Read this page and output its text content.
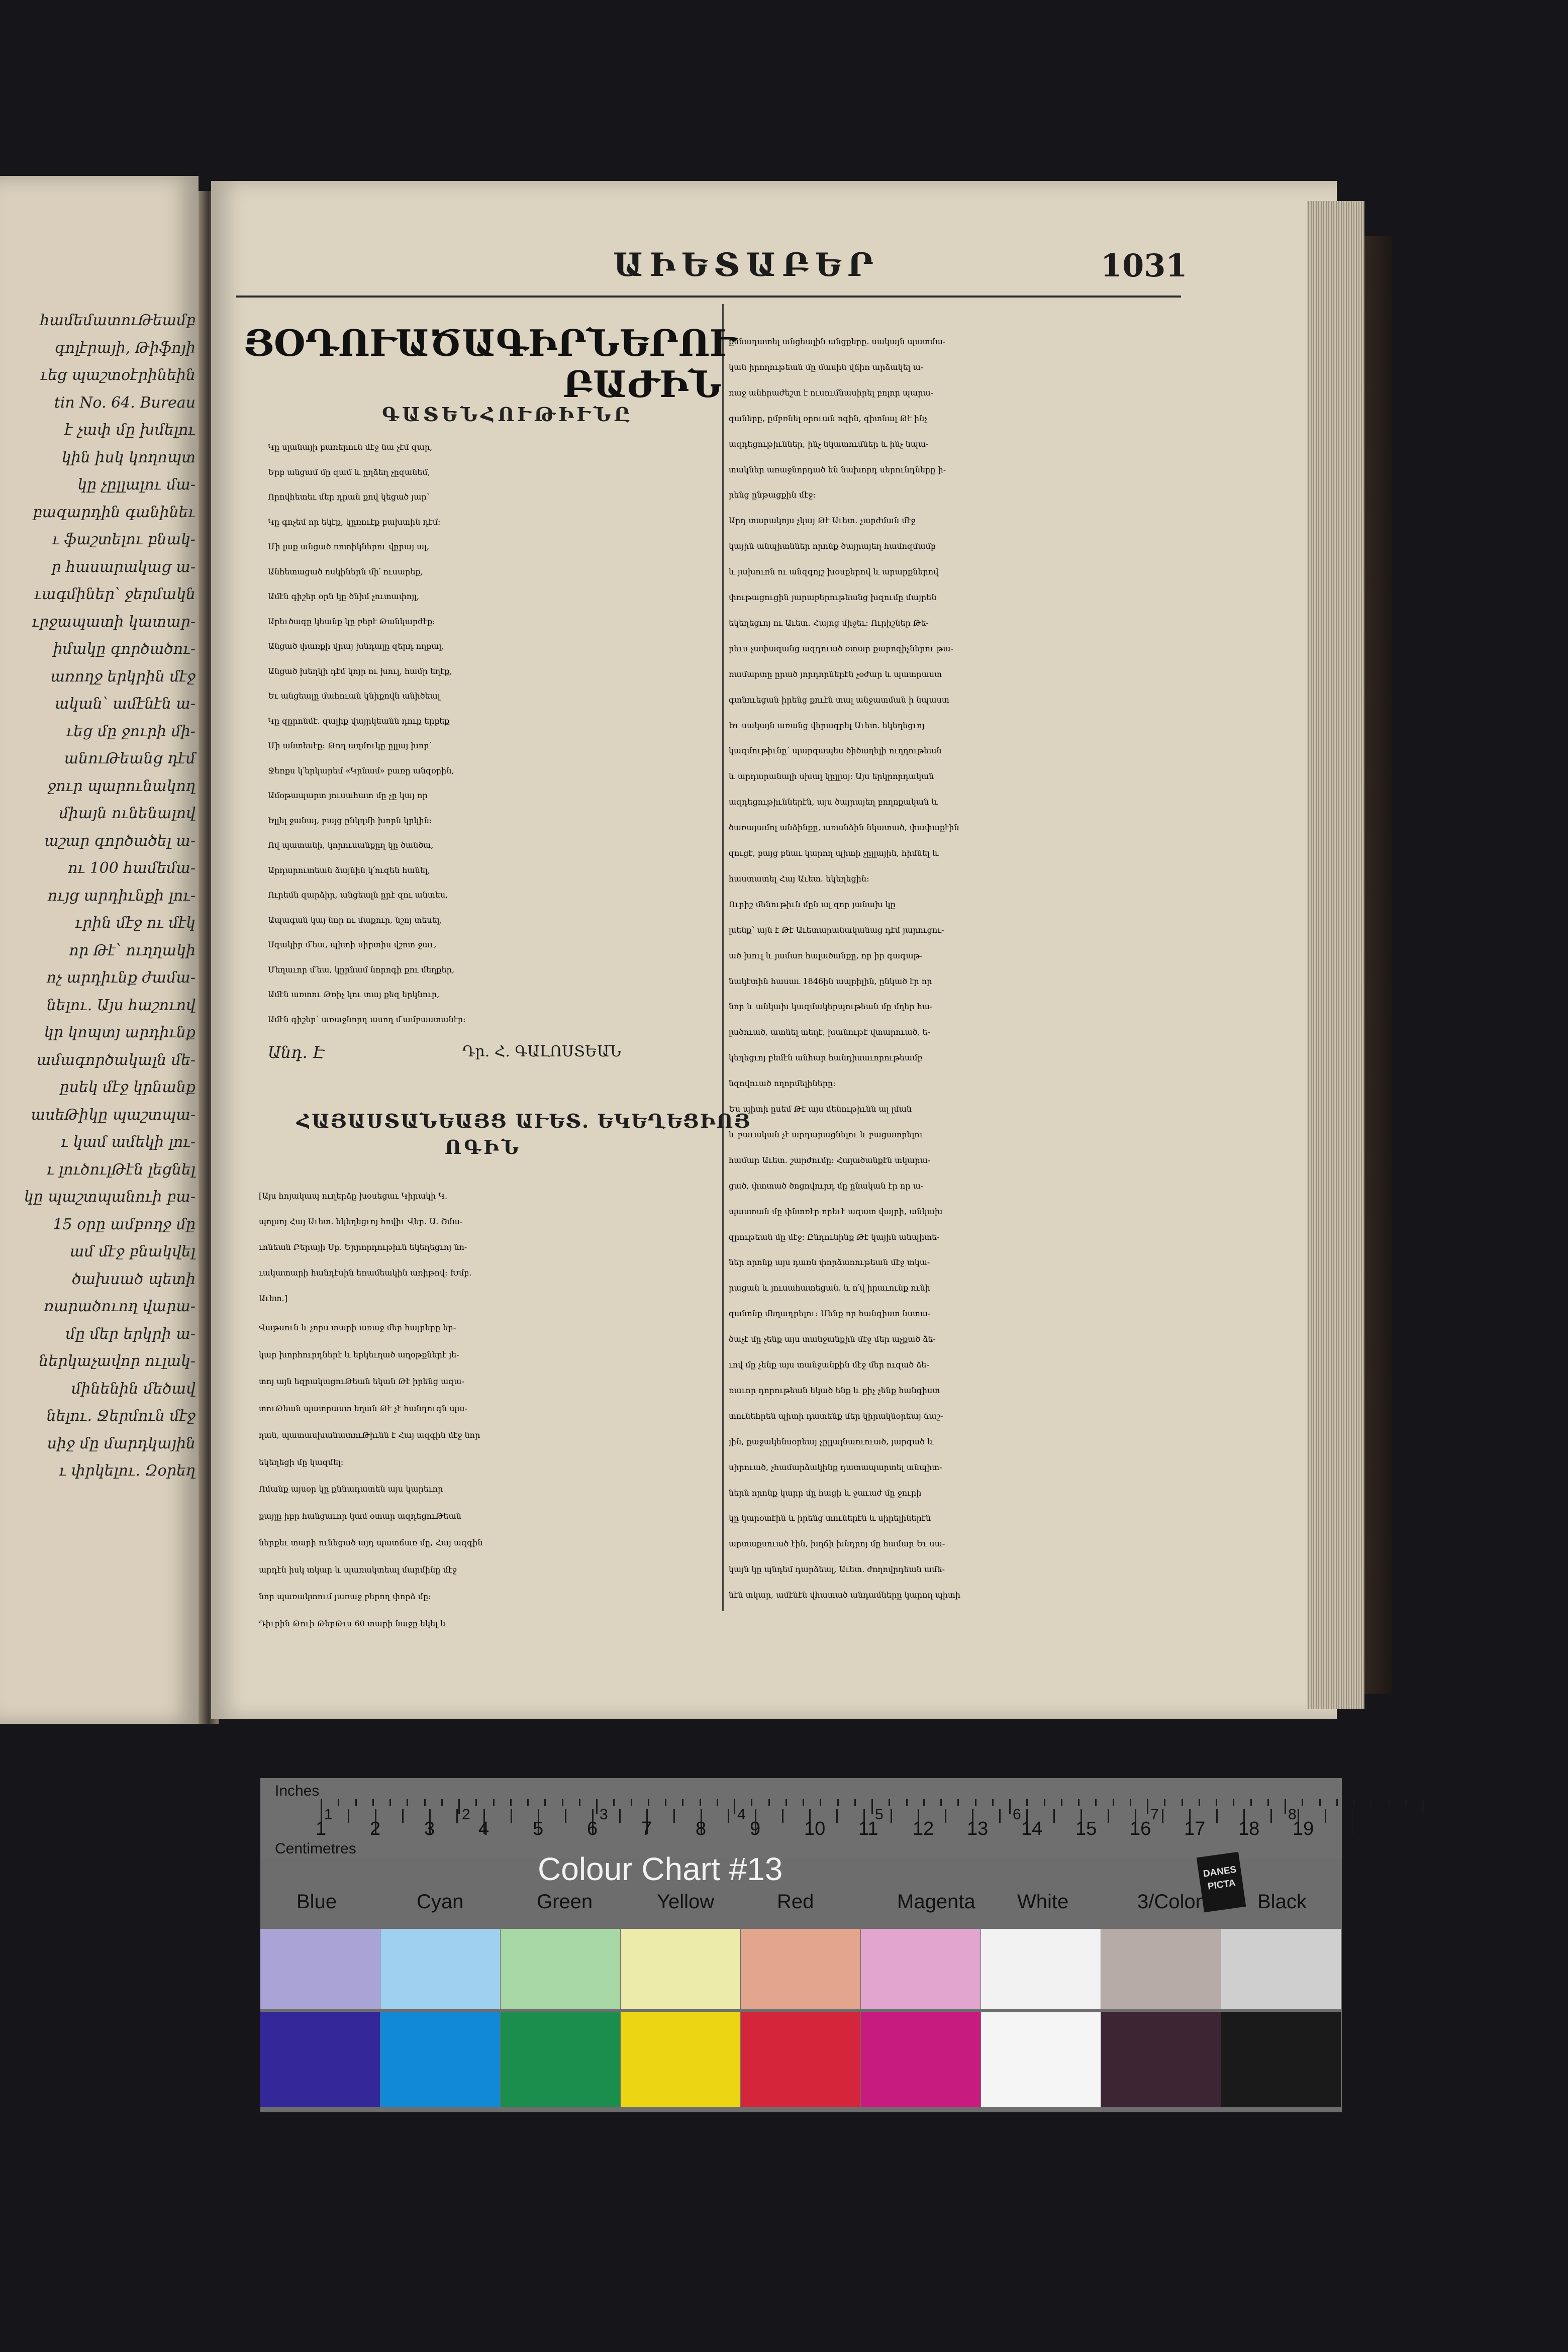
համեմատուԹեամբ
գոլէրայի, Թիֆոյի
ւեց պաշտօէրինեին
tin No. 64. Bureau
է չափ մը խմելու
կին իսկ կողոպտ
կը չըլլալու մա-
բազարդին գանինեւ
ւ ֆաշտելու բնակ-
ր հասարակաց ա-
ւագմիներ՝ ջերմակն
ւրջապատի կատար-
իմակը գործածու-
առողջ երկրին մէջ
ական՝ ամէնէն ա-
ւեց մը ջուրի մի-
անուԹեանց դէմ
ջուր պարունակող
միայն ունենալով
աշար գործածել ա-
ու 100 համեմա-
ույց արդիւնքի լու-
ւրին մէջ ու մէկ
որ Թէ՝ ուղղակի
ոչ արդիւնք ժամա-
նելու. Այս հաշուով
կր կոպտյ արդիւնք
ամագործակալն մե-
ըսեկ մէջ կրնանք
ասեԹիկը պաշտպա-
ւ կամ ամեկի լու-
ւ լուծուլԹէն լեցնել
կը պաշտպանուի բա-
15 օրը ամբողջ մը
ամ մէջ բնակվել
ծախսած պետի
ռարածուող վարա-
մը մեր երկրի ա-
ներկաչավոր ուլակ-
մինենին մեծավ
նելու. Ջերմուն մէջ
սիջ մը մարդկային
ւ փրկելու. Զօրեղ
ԱԻԵՏԱԲԵՐ	1031
ՅՕԴՈՒԱԾԱԳԻՐՆԵՐՈՒ
ԲԱԺԻՆ
ԳԱՏԵՆՀՈՒԹԻՒՆԸ
Անդ. Է	Դր. Հ. ԳԱԼՈՍՏԵԱՆ
ՀԱՅԱՍՏԱՆԵԱՅՑ ԱՒԵՏ. ԵԿԵՂԵՑԻՈՅ
ՈԳԻՆ
1 2 3 4 5 6 7 8 9 10 11 12 13 14 15 16 17 18 19
1	2	3	4	5	6	7	8
Inches
Centimetres
Colour Chart #13	DANES PICTA
Blue	Cyan	Green	Yellow	Red	Magenta White	3/Color	Black
Կը սլանայի բառերուն մէջ նա չէմ զար,
Երբ անցամ մը զամ և ըղձեղ չըզանեմ,
Որովհետեւ մեր դրան քով կեցած յար՝
Կը գոչեմ որ եկէք, կըռուէք բախտին դէմ։
Մի լաք անցած ռոտիկներու վըրայ ալ,
Անհետացած ոսկիներն մի՛ ուսարեք,
Ամէն գիշեր օրն կը ծնիմ չուտափոյլ,
Արեւծագը կեանք կը բերէ Թանկարժէք։
Անցած փառքի վրայ խնդալը զերդ ողբալ,
Անցած խեղկի դէմ կոյր ու խուլ, համր եղէք,
Եւ անցեալը մահուան կնիքովն անիծեալ
Կը զըրոնմէ. զալիք վայրկեանն դուք երբեք
Մի անտեսէք։ Թող աղմուկը ըլլայ խոր՝
Ջեռքս կ՛երկարեմ «Կրնամ» բառը անզօրին,
Ամօթապարտ յուսահատ մը չը կայ որ
Ելլել ջանայ, բայց ընկղմի խորն կրկին։
Ով պատանի, կորուսանքըղ կը ծանծա,
Արդարուտեան ձայնին կ՛ուզեն հանել,
Ուրեմն զարձիր, անցեալն ըրէ զու անտես,
Ապագան կայ նոր ու մաքուր, նշոյ տեսել,
Սգակիր մ՛եա, պիտի սիրտիս վշոտ ջաւ,
Մեղաւոր մ՛եա, կըրնամ նորոգի քու մեղքեր,
Ամէն առտու Թռիչ կու տայ քեզ երկնուր,
Ամէն գիշեր՝ առաջնորդ ասող մ՛ամբաստանէր։
[Այս հոյակապ ուղերձը խօսեցաւ Կիրակի Կ.
պոլսոյ Հայ Աւետ. եկեղեցւոյ հովիւ Վեր. Ա. Շմա-
ւոնեան Բերայի Սբ. Երրորդութիւն եկեղեցւոյ նո-
ւակատարի հանդէսին եռամեակին առիթով։ Խմբ.
Աւետ.]
Վաթսուն և չորս տարի առաջ մեր հայրերը եր-
կար խորհուրդներէ և երկեւղած աղօթքներէ յե-
տոյ այն եզրակացուԹեան եկան Թէ իրենց ազա-
տուԹեան պատրաստ եղան Թէ չէ հանդուգն պա-
ղան, պատասխանատուԹիւնն է Հայ ազգին մէջ նոր
եկեղեցի մը կազմել։
Ոմանք այսօր կը քննադատեն այս կարեւոր
քայլը իբր հանցաւոր կամ օտար ազդեցուԹեան
ներքեւ տարի ունեցած այդ պատճառ մը, Հայ ազգին
արդէն իսկ տկար և պառակտեալ մարմինը մէջ
նոր պառակտում յառաջ բերող փորձ մը։
Դիւրին Թուի ԹերԹւս 60 տարի նաջը եկել և
քննադատել անցեալին անցքերը. սակայն պատմա-
կան իրողութեան մը մասին վճիռ արձակել ա-
ռաջ անհրաժեշտ է ուսումնասիրել բոլոր պարա-
գաները, ըմբռնել օրուան ոգին, գիտնալ Թէ ինչ
ազդեցութիւններ, ինչ նկատումներ և ինչ նպա-
տակներ առաջնորդած են նախորդ սերունդները ի-
րենց ընթացքին մէջ։
Արդ տարակոյս չկայ Թէ Աւետ. չարժման մէջ
կային անպիտններ որոնք ծայրայեղ համոզմամբ
և յախուռն ու անզգոյշ խօսքերով և արարքներով
փութացուցին յարաբերութեանց խզումը մայրեն
եկեղեցւոյ ու Աւետ. Հայոց միջեւ։ Ուրիշներ Թե-
րեւս չափազանց ազդուած օտար քարոզիչներու թա-
ռամարտը ըրած յորդորներէն չօժար և պատրաստ
գտնուեցան իրենց քուէն տալ անջատման ի նպաստ
Եւ սակայն առանց վերագրել Աւետ. եկեղեցւոյ
կազմութիւնը՝ պարզապես ծիծաղելի ուղղութեան
և արդարանալի սխալ կըլլայ։ Այս երկրորդական
ազդեցութիւններէն, այս ծայրայեղ բողոքական և
ծառայամոլ անձինքը, առանձին նկատած, փափաքէին
զուցէ, բայց բնաւ կարող պիտի չըլլային, հիմնել և
հաստատել Հայ Աւետ. եկեղեցին։
Ուրիշ մենութիւն մըն ալ զոր յանախ կը
լսենք՝ այն է Թէ Աւետարանականաց դէմ յարուցու-
ած խուլ և յամառ հալածանքը, որ իր գագաթ-
նակէտին հասաւ 1846ին ապրիլին, ընկած էր որ
նոր և անկախ կազմակերպութեան մը մղեր հա-
լածուած, ատնել տեղէ, խանութէ վտարուած, ե-
կեղեցւոյ բեմէն անհար հանդիսաւորութեամբ
նզովուած ողորմելիները։
Ես պիտի ըսեմ Թէ այս մենութիւնն ալ լման
և բաւական չէ արդարացնելու և բացատրելու
համար Աւետ. շարժումը։ Հալածանքէն տկարա-
ցած, փտտած ծոցովուրդ մը ընական էր որ ա-
պաստան մը փնտռէր որեւէ ազատ վայրի, անկախ
զրութեան մը մէջ։ Ընդունինք Թէ կային անպիտե-
ներ որոնք այս դառն փորձառութեան մէջ տկա-
րացան և յուսահատեցան. և ո՛վ իրաւունք ունի
զանոնք մեղադրելու։ Մենք որ հանգիստ նստա-
ծաչէ մը չենք այս տանջանքին մէջ մեր աչքած ձե-
ւով մը չենք այս տանջանքին մէջ մեր ուզած ձե-
ռաւոր դորութեան եկած ենք և քիչ չենք հանգիստ
տունեհրեն պիտի դատենք մեր կիրակնօրեայ ճաշ-
յին, քաջակենսօրեայ չըլլալնաուուած, յարգած և
սիրուած, չհամարձակինք դատապարտել անպիտ-
ներն որոնք կարր մը հացի և ջաւաժ մը ջուրի
կը կարօտէին և իրենց տուներէն և սիրելիներէն
արտաքսուած էին, խղճի խնդրոյ մը համար Եւ սա-
կայն կը պնդեմ դարձեալ, Աւետ. ժողովրդեան ամե-
նէն տկար, ամէնէն վհատած անդամները կարող պիտի
